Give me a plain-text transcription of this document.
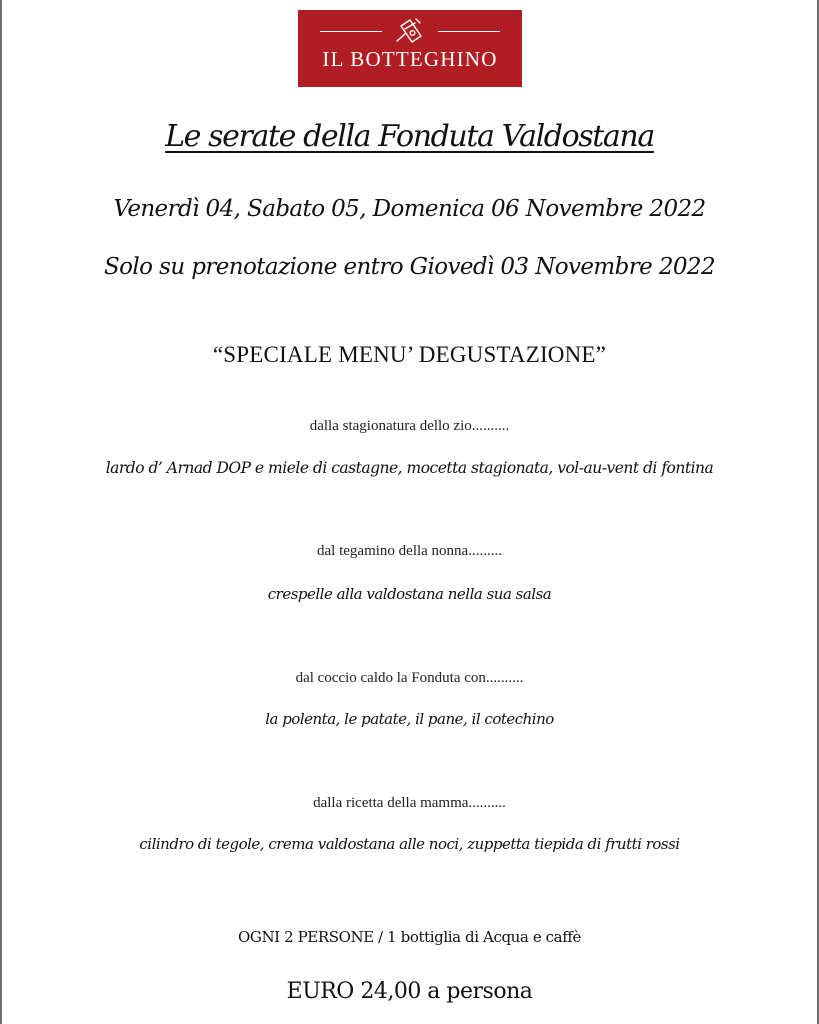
IL BOTTEGHINO
Le serate della Fonduta Valdostana
Venerdì 04, Sabato 05, Domenica 06 Novembre 2022
Solo su prenotazione entro Giovedì 03 Novembre 2022
“SPECIALE MENU’ DEGUSTAZIONE”
dalla stagionatura dello zio..........
lardo d’ Arnad DOP e miele di castagne, mocetta stagionata, vol-au-vent di fontina
dal tegamino della nonna.........
crespelle alla valdostana nella sua salsa
dal coccio caldo la Fonduta con..........
la polenta, le patate, il pane, il cotechino
dalla ricetta della mamma..........
cilindro di tegole, crema valdostana alle noci, zuppetta tiepida di frutti rossi
OGNI 2 PERSONE / 1 bottiglia di Acqua e caffè
EURO 24,00 a persona
